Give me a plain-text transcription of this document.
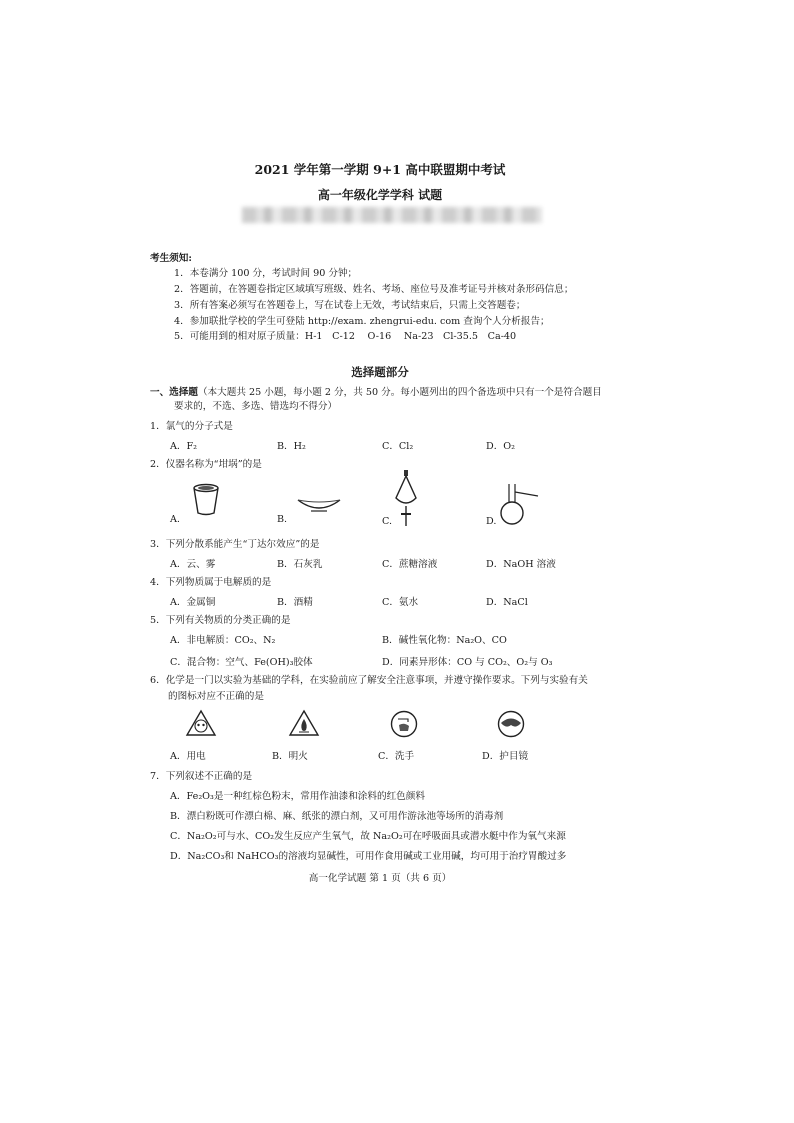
2021 学年第一学期 9+1 高中联盟期中考试
高一年级化学学科 试题
考生须知:
1．本卷满分 100 分，考试时间 90 分钟；
2．答题前，在答题卷指定区域填写班级、姓名、考场、座位号及准考证号并核对条形码信息；
3．所有答案必须写在答题卷上，写在试卷上无效，考试结束后，只需上交答题卷；
4．参加联批学校的学生可登陆 http://exam. zhengrui-edu. com 查询个人分析报告；
5．可能用到的相对原子质量：H-1　C-12　 O-16　 Na-23　Cl-35.5　Ca-40
选择题部分
一、选择题（本大题共 25 小题，每小题 2 分，共 50 分。每小题列出的四个备选项中只有一个是符合题目
要求的，不选、多选、错选均不得分）
1．氯气的分子式是
A．F₂	B．H₂	C．Cl₂	D．O₂
2．仪器名称为“坩埚”的是
A.	B.	C.	D.
3．下列分散系能产生“丁达尔效应”的是
A．云、雾	B．石灰乳	C．蔗糖溶液	D．NaOH 溶液
4．下列物质属于电解质的是
A．金属铜	B．酒精	C．氨水	D．NaCl
5．下列有关物质的分类正确的是
A．非电解质：CO₂、N₂	B．碱性氧化物：Na₂O、CO
C．混合物：空气、Fe(OH)₃胶体	D．同素异形体：CO 与 CO₂、O₂与 O₃
6．化学是一门以实验为基础的学科，在实验前应了解安全注意事项，并遵守操作要求。下列与实验有关
的图标对应不正确的是
A．用电	B．明火	C．洗手	D．护目镜
7．下列叙述不正确的是
A．Fe₂O₃是一种红棕色粉末，常用作油漆和涂料的红色颜料
B．漂白粉既可作漂白棉、麻、纸张的漂白剂，又可用作游泳池等场所的消毒剂
C．Na₂O₂可与水、CO₂发生反应产生氧气，故 Na₂O₂可在呼吸面具或潜水艇中作为氧气来源
D．Na₂CO₃和 NaHCO₃的溶液均显碱性，可用作食用碱或工业用碱，均可用于治疗胃酸过多
高一化学试题 第 1 页（共 6 页）
